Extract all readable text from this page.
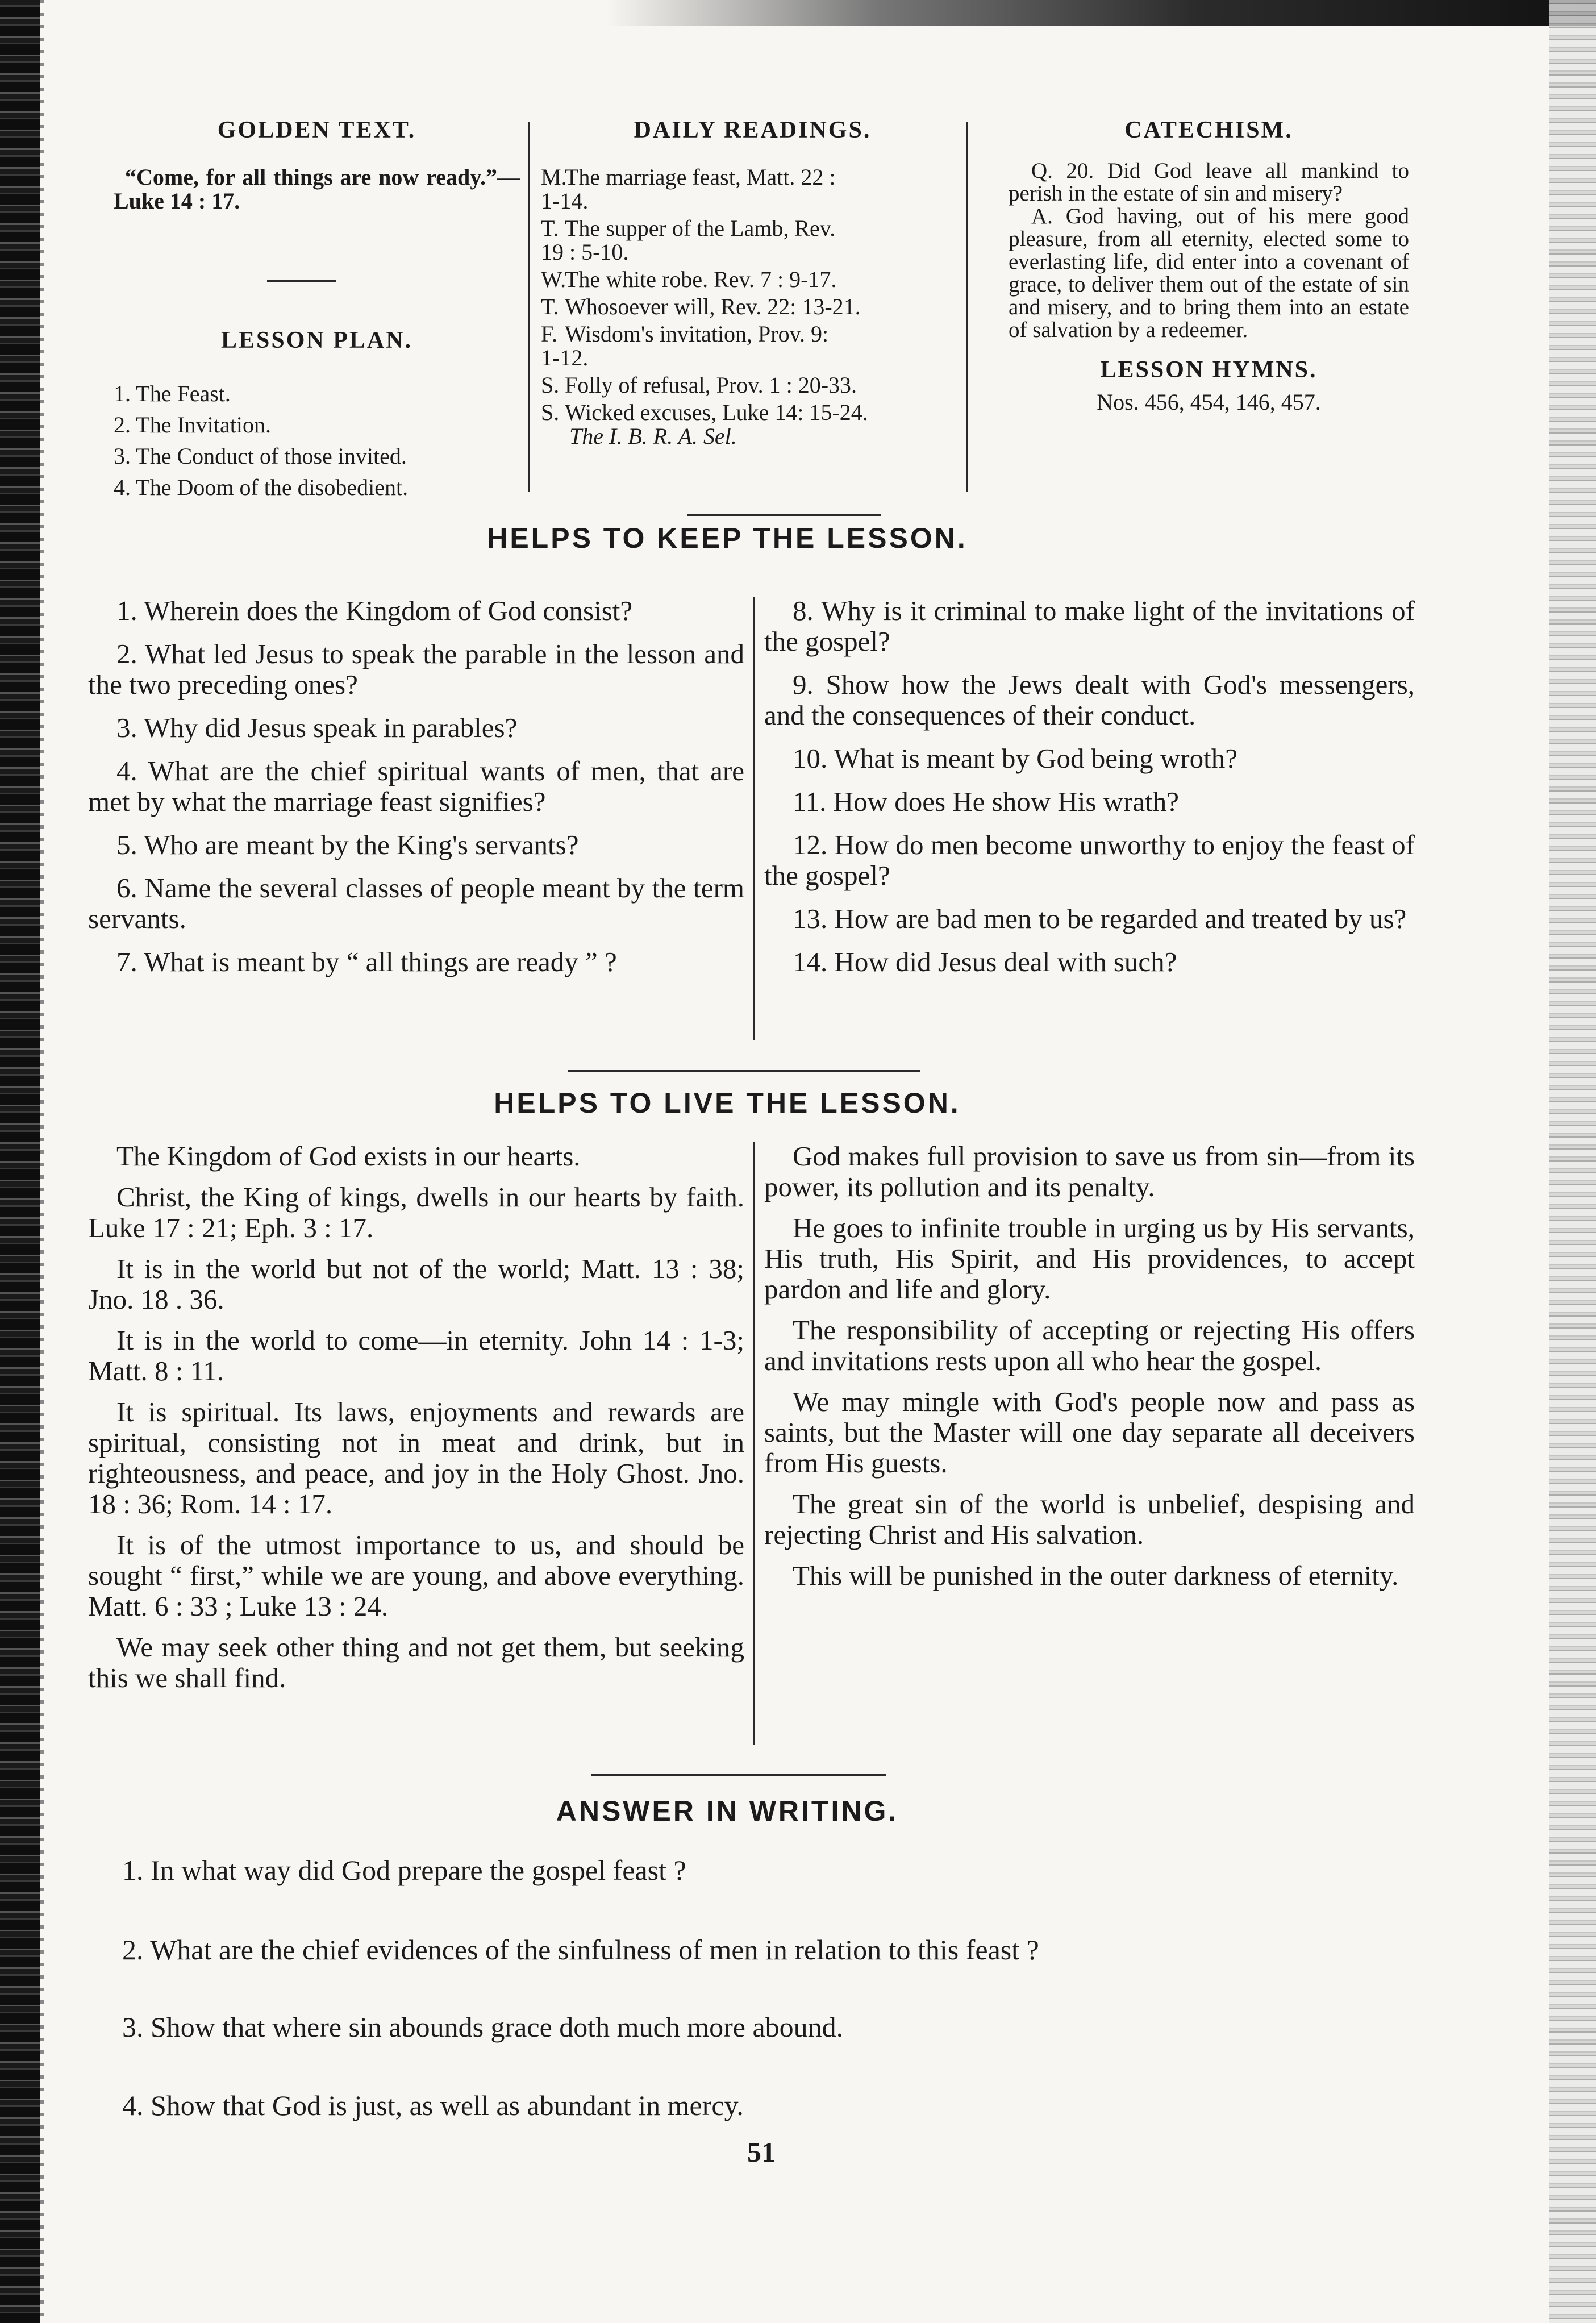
GOLDEN TEXT.
“Come, for all things are now ready.”—Luke 14 : 17.
LESSON PLAN.
1. The Feast.
2. The Invitation.
3. The Conduct of those invited.
4. The Doom of the disobedient.
DAILY READINGS.
M.
The marriage feast, Matt. 22 :
1-14.
T. The supper of the Lamb, Rev.
19 : 5-10.
W.
The white robe. Rev. 7 : 9-17.
T. Whosoever will, Rev. 22: 13-21.
F. Wisdom's invitation, Prov. 9:
1-12.
S. Folly of refusal, Prov. 1 : 20-33.
S. Wicked excuses, Luke 14: 15-24.
The I. B. R. A. Sel.
CATECHISM.
Q. 20. Did God leave all mankind to perish in the estate of sin and misery?
A. God having, out of his mere good pleasure, from all eternity, elected some to everlasting life, did enter into a covenant of grace, to deliver them out of the estate of sin and misery, and to bring them into an estate of salvation by a redeemer.
LESSON HYMNS.
Nos. 456, 454, 146, 457.
HELPS TO KEEP THE LESSON.

1. Wherein does the Kingdom of God consist?

2. What led Jesus to speak the parable in the lesson and the two preceding ones?

3. Why did Jesus speak in parables?

4. What are the chief spiritual wants of men, that are met by what the marriage feast signifies?

5. Who are meant by the King's servants?

6. Name the several classes of people meant by the term servants.

7. What is meant by “ all things are ready ” ?

8. Why is it criminal to make light of the invitations of the gospel?

9. Show how the Jews dealt with God's messengers, and the consequences of their conduct.

10. What is meant by God being wroth?

11. How does He show His wrath?

12. How do men become unworthy to enjoy the feast of the gospel?

13. How are bad men to be regarded and treated by us?

14. How did Jesus deal with such?

HELPS TO LIVE THE LESSON.

The Kingdom of God exists in our hearts.

Christ, the King of kings, dwells in our hearts by faith. Luke 17 : 21; Eph. 3 : 17.

It is in the world but not of the world; Matt. 13 : 38; Jno. 18 . 36.

It is in the world to come—in eternity. John 14 : 1-3; Matt. 8 : 11.

It is spiritual. Its laws, enjoyments and rewards are spiritual, consisting not in meat and drink, but in righteousness, and peace, and joy in the Holy Ghost. Jno. 18 : 36; Rom. 14 : 17.

It is of the utmost importance to us, and should be sought “ first,” while we are young, and above everything. Matt. 6 : 33 ; Luke 13 : 24.

We may seek other thing and not get them, but seeking this we shall find.

God makes full provision to save us from sin—from its power, its pollution and its penalty.

He goes to infinite trouble in urging us by His servants, His truth, His Spirit, and His providences, to accept pardon and life and glory.

The responsibility of accepting or rejecting His offers and invitations rests upon all who hear the gospel.

We may mingle with God's people now and pass as saints, but the Master will one day separate all deceivers from His guests.

The great sin of the world is unbelief, despising and rejecting Christ and His salvation.

This will be punished in the outer darkness of eternity.

ANSWER IN WRITING.
1. In what way did God prepare the gospel feast ?
2. What are the chief evidences of the sinfulness of men in relation to this feast ?
3. Show that where sin abounds grace doth much more abound.
4. Show that God is just, as well as abundant in mercy.
51
